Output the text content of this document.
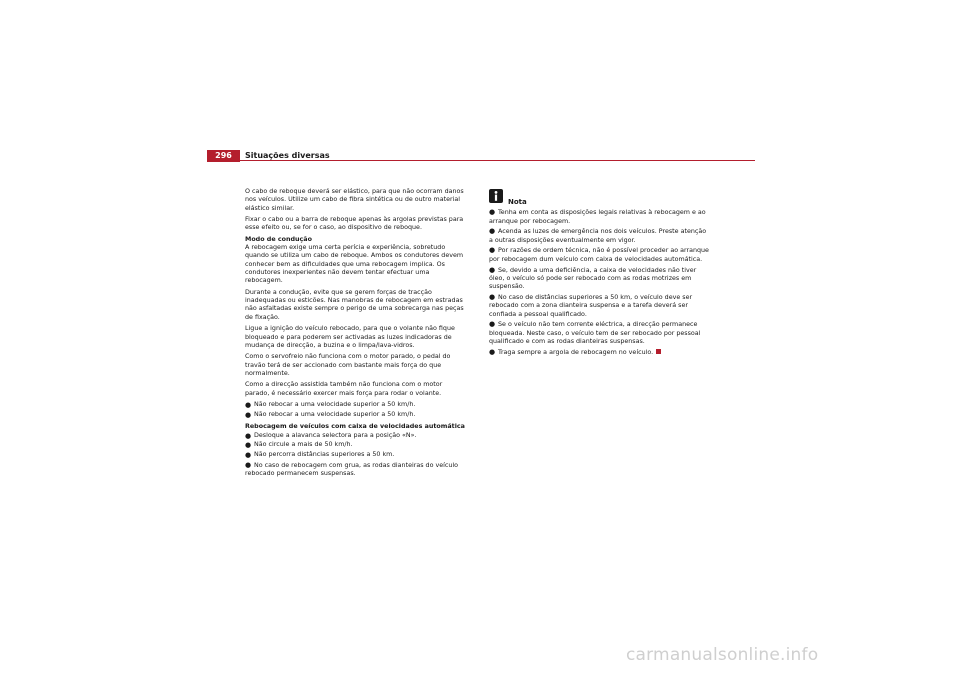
296	Situações diversas

O cabo de reboque deverá ser elástico, para que não ocorram danos nos veículos. Utilize um cabo de fibra sintética ou de outro material elástico similar.

Fixar o cabo ou a barra de reboque apenas às argolas previstas para esse efeito ou, se for o caso, ao dispositivo de reboque.

Modo de condução

A rebocagem exige uma certa perícia e experiência, sobretudo quando se utiliza um cabo de reboque. Ambos os condutores devem conhecer bem as dificuldades que uma rebocagem implica. Os condutores inexperientes não devem tentar efectuar uma rebocagem.

Durante a condução, evite que se gerem forças de tracção inadequadas ou esticões. Nas manobras de rebocagem em estradas não asfaltadas existe sempre o perigo de uma sobrecarga nas peças de fixação.

Ligue a ignição do veículo rebocado, para que o volante não fique bloqueado e para poderem ser activadas as luzes indicadoras de mudança de direcção, a buzina e o limpa/lava-vidros.

Como o servofreio não funciona com o motor parado, o pedal do travão terá de ser accionado com bastante mais força do que normalmente.

Como a direcção assistida também não funciona com o motor parado, é necessário exercer mais força para rodar o volante.

● Não rebocar a uma velocidade superior a 50 km/h.
● Não rebocar a uma velocidade superior a 50 km/h.

Rebocagem de veículos com caixa de velocidades automática

● Desloque a alavanca selectora para a posição «N».
● Não circule a mais de 50 km/h.
● Não percorra distâncias superiores a 50 km.
● No caso de rebocagem com grua, as rodas dianteiras do veículo rebocado permanecem suspensas.
Nota
● Tenha em conta as disposições legais relativas à rebocagem e ao arranque por rebocagem.
● Acenda as luzes de emergência nos dois veículos. Preste atenção a outras disposições eventualmente em vigor.
● Por razões de ordem técnica, não é possível proceder ao arranque por rebocagem dum veículo com caixa de velocidades automática.
● Se, devido a uma deficiência, a caixa de velocidades não tiver óleo, o veículo só pode ser rebocado com as rodas motrizes em suspensão.
● No caso de distâncias superiores a 50 km, o veículo deve ser rebocado com a zona dianteira suspensa e a tarefa deverá ser confiada a pessoal qualificado.
● Se o veículo não tem corrente eléctrica, a direcção permanece bloqueada. Neste caso, o veículo tem de ser rebocado por pessoal qualificado e com as rodas dianteiras suspensas.
● Traga sempre a argola de rebocagem no veículo.
carmanualsonline.info
